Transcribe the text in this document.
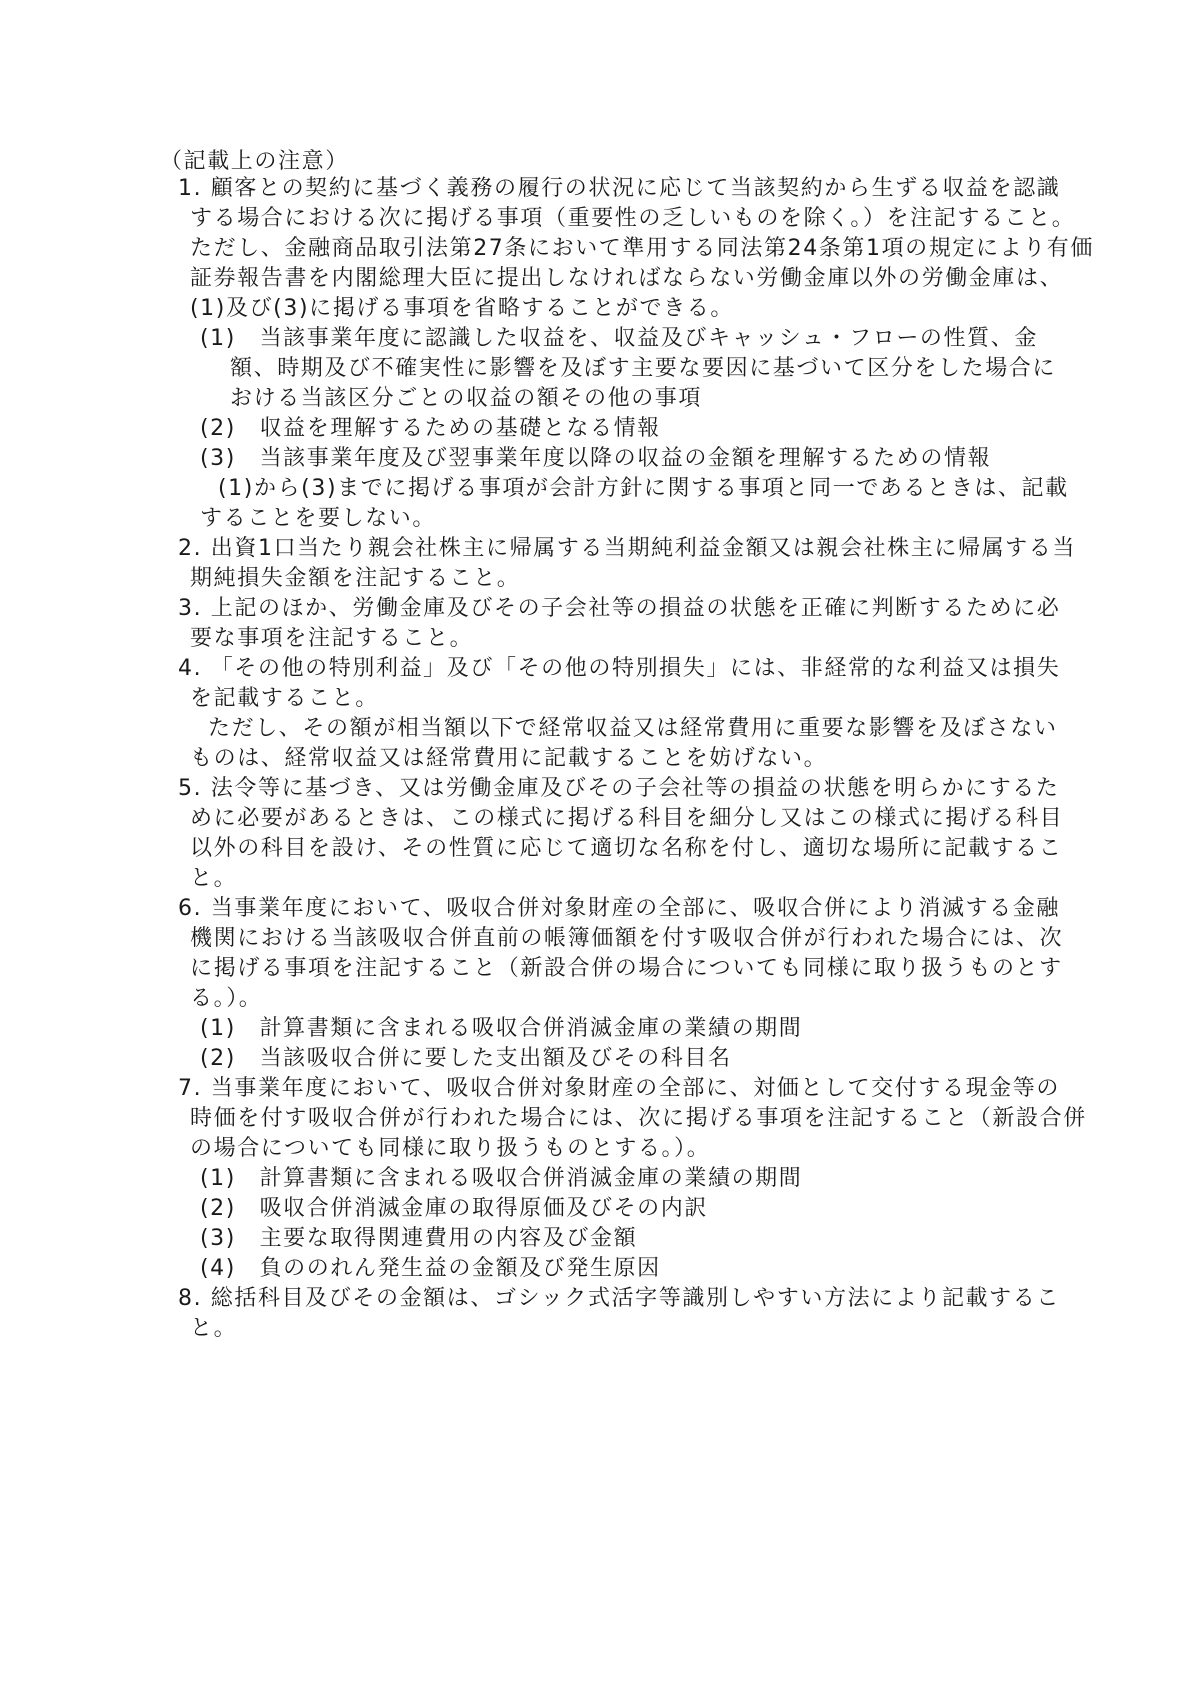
（記載上の注意）
1. 顧客との契約に基づく義務の履行の状況に応じて当該契約から生ずる収益を認識
する場合における次に掲げる事項（重要性の乏しいものを除く。）を注記すること。
ただし、金融商品取引法第27条において準用する同法第24条第1項の規定により有価
証券報告書を内閣総理大臣に提出しなければならない労働金庫以外の労働金庫は、
(1)及び(3)に掲げる事項を省略することができる。
(1)　当該事業年度に認識した収益を、収益及びキャッシュ・フローの性質、金
額、時期及び不確実性に影響を及ぼす主要な要因に基づいて区分をした場合に
おける当該区分ごとの収益の額その他の事項
(2)　収益を理解するための基礎となる情報
(3)　当該事業年度及び翌事業年度以降の収益の金額を理解するための情報
(1)から(3)までに掲げる事項が会計方針に関する事項と同一であるときは、記載
することを要しない。
2. 出資1口当たり親会社株主に帰属する当期純利益金額又は親会社株主に帰属する当
期純損失金額を注記すること。
3. 上記のほか、労働金庫及びその子会社等の損益の状態を正確に判断するために必
要な事項を注記すること。
4. 「その他の特別利益」及び「その他の特別損失」には、非経常的な利益又は損失
を記載すること。
ただし、その額が相当額以下で経常収益又は経常費用に重要な影響を及ぼさない
ものは、経常収益又は経常費用に記載することを妨げない。
5. 法令等に基づき、又は労働金庫及びその子会社等の損益の状態を明らかにするた
めに必要があるときは、この様式に掲げる科目を細分し又はこの様式に掲げる科目
以外の科目を設け、その性質に応じて適切な名称を付し、適切な場所に記載するこ
と。
6. 当事業年度において、吸収合併対象財産の全部に、吸収合併により消滅する金融
機関における当該吸収合併直前の帳簿価額を付す吸収合併が行われた場合には、次
に掲げる事項を注記すること（新設合併の場合についても同様に取り扱うものとす
る。）。
(1)　計算書類に含まれる吸収合併消滅金庫の業績の期間
(2)　当該吸収合併に要した支出額及びその科目名
7. 当事業年度において、吸収合併対象財産の全部に、対価として交付する現金等の
時価を付す吸収合併が行われた場合には、次に掲げる事項を注記すること（新設合併
の場合についても同様に取り扱うものとする。）。
(1)　計算書類に含まれる吸収合併消滅金庫の業績の期間
(2)　吸収合併消滅金庫の取得原価及びその内訳
(3)　主要な取得関連費用の内容及び金額
(4)　負ののれん発生益の金額及び発生原因
8. 総括科目及びその金額は、ゴシック式活字等識別しやすい方法により記載するこ
と。
